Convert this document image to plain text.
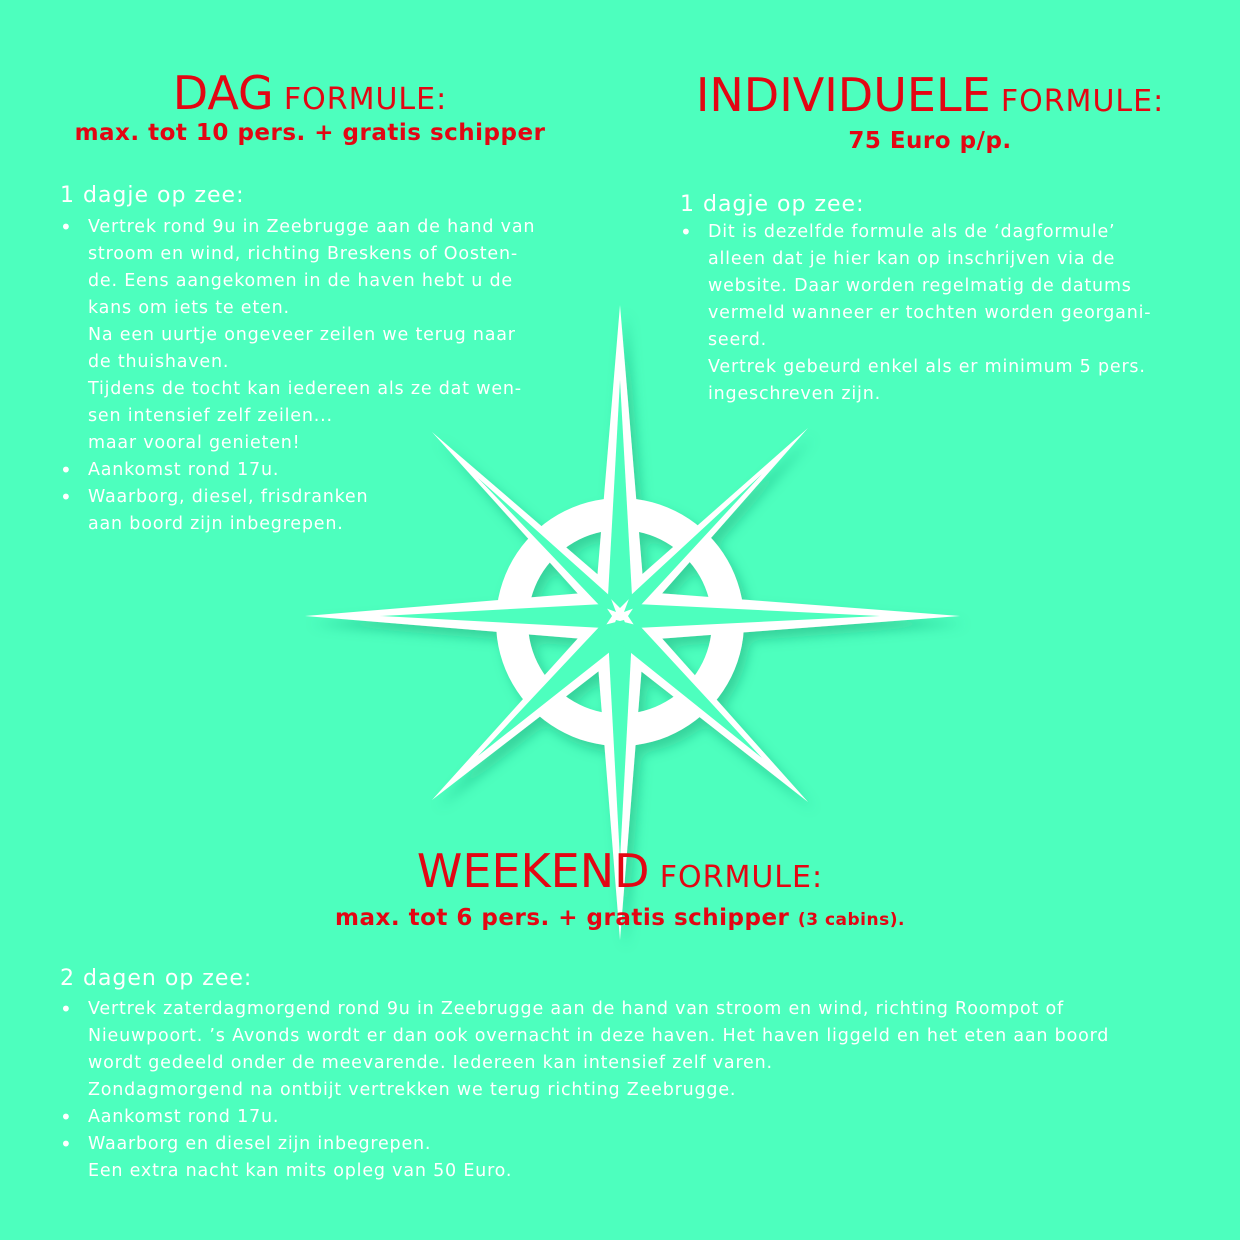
DAG FORMULE:
max. tot 10 pers. + gratis schipper
1 dagje op zee:
• Vertrek rond 9u in Zeebrugge aan de hand van
stroom en wind, richting Breskens of Oosten-
de. Eens aangekomen in de haven hebt u de
kans om iets te eten.
Na een uurtje ongeveer zeilen we terug naar
de thuishaven.
Tijdens de tocht kan iedereen als ze dat wen-
sen intensief zelf zeilen...
maar vooral genieten!
• Aankomst rond 17u.
• Waarborg, diesel, frisdranken
aan boord zijn inbegrepen.
INDIVIDUELE FORMULE:
75 Euro p/p.
1 dagje op zee:
• Dit is dezelfde formule als de ‘dagformule’
alleen dat je hier kan op inschrijven via de
website. Daar worden regelmatig de datums
vermeld wanneer er tochten worden georgani-
seerd.
Vertrek gebeurd enkel als er minimum 5 pers.
ingeschreven zijn.
WEEKEND FORMULE:
max. tot 6 pers. + gratis schipper (3 cabins).
2 dagen op zee:
• Vertrek zaterdagmorgend rond 9u in Zeebrugge aan de hand van stroom en wind, richting Roompot of
Nieuwpoort. ’s Avonds wordt er dan ook overnacht in deze haven. Het haven liggeld en het eten aan boord
wordt gedeeld onder de meevarende. Iedereen kan intensief zelf varen.
Zondagmorgend na ontbijt vertrekken we terug richting Zeebrugge.
• Aankomst rond 17u.
• Waarborg en diesel zijn inbegrepen.
Een extra nacht kan mits opleg van 50 Euro.
